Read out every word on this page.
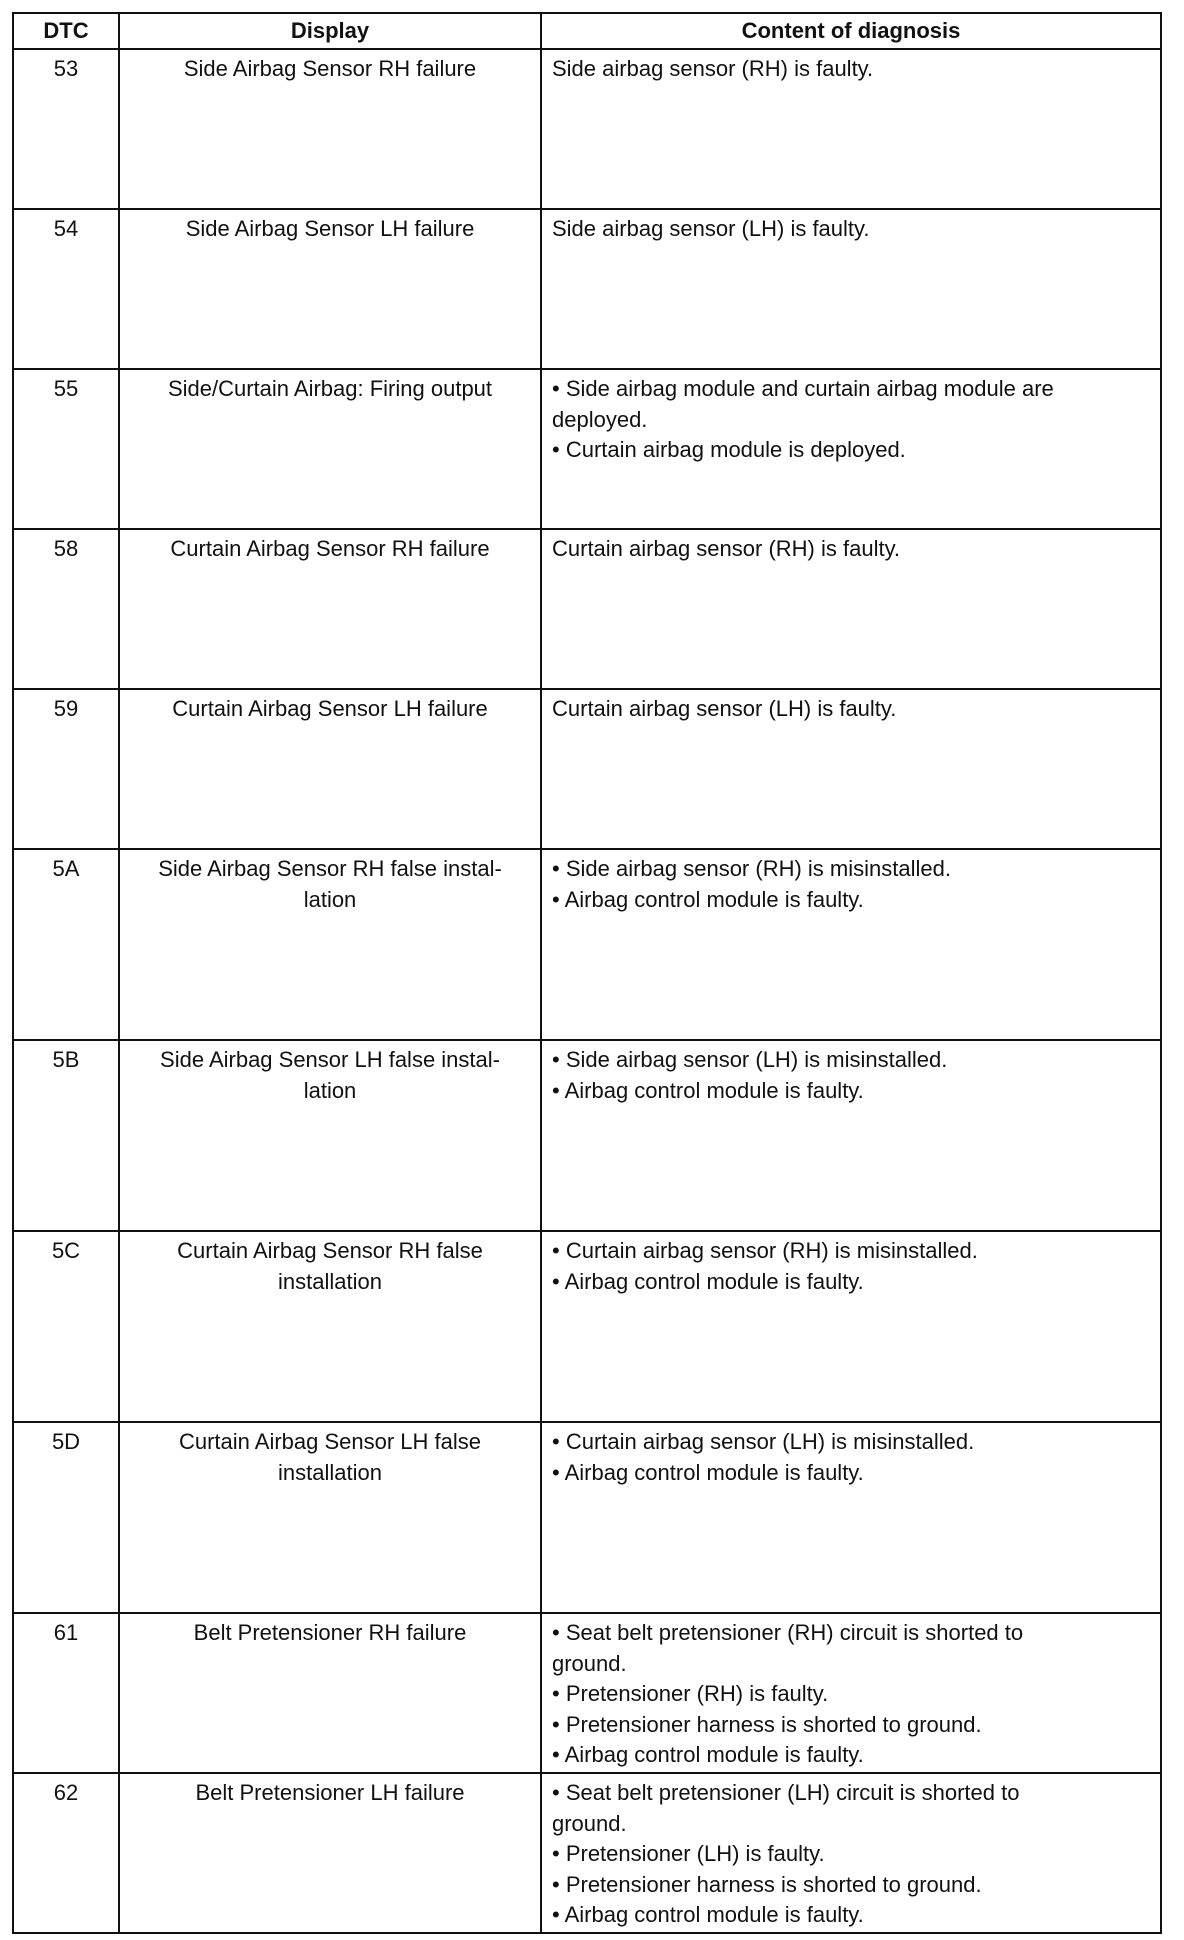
DTC	Display	Content of diagnosis
53	Side Airbag Sensor RH failure	Side airbag sensor (RH) is faulty.

54	Side Airbag Sensor LH failure	Side airbag sensor (LH) is faulty.

55	Side/Curtain Airbag: Firing output	• Side airbag module and curtain airbag module are
deployed.
• Curtain airbag module is deployed.

58	Curtain Airbag Sensor RH failure	Curtain airbag sensor (RH) is faulty.

59	Curtain Airbag Sensor LH failure	Curtain airbag sensor (LH) is faulty.

5A	Side Airbag Sensor RH false instal-
lation	• Side airbag sensor (RH) is misinstalled.
• Airbag control module is faulty.

5B	Side Airbag Sensor LH false instal-
lation	• Side airbag sensor (LH) is misinstalled.
• Airbag control module is faulty.

5C	Curtain Airbag Sensor RH false
installation	• Curtain airbag sensor (RH) is misinstalled.
• Airbag control module is faulty.

5D	Curtain Airbag Sensor LH false
installation	• Curtain airbag sensor (LH) is misinstalled.
• Airbag control module is faulty.

61	Belt Pretensioner RH failure	• Seat belt pretensioner (RH) circuit is shorted to
ground.
• Pretensioner (RH) is faulty.
• Pretensioner harness is shorted to ground.
• Airbag control module is faulty.

62	Belt Pretensioner LH failure	• Seat belt pretensioner (LH) circuit is shorted to
ground.
• Pretensioner (LH) is faulty.
• Pretensioner harness is shorted to ground.
• Airbag control module is faulty.
